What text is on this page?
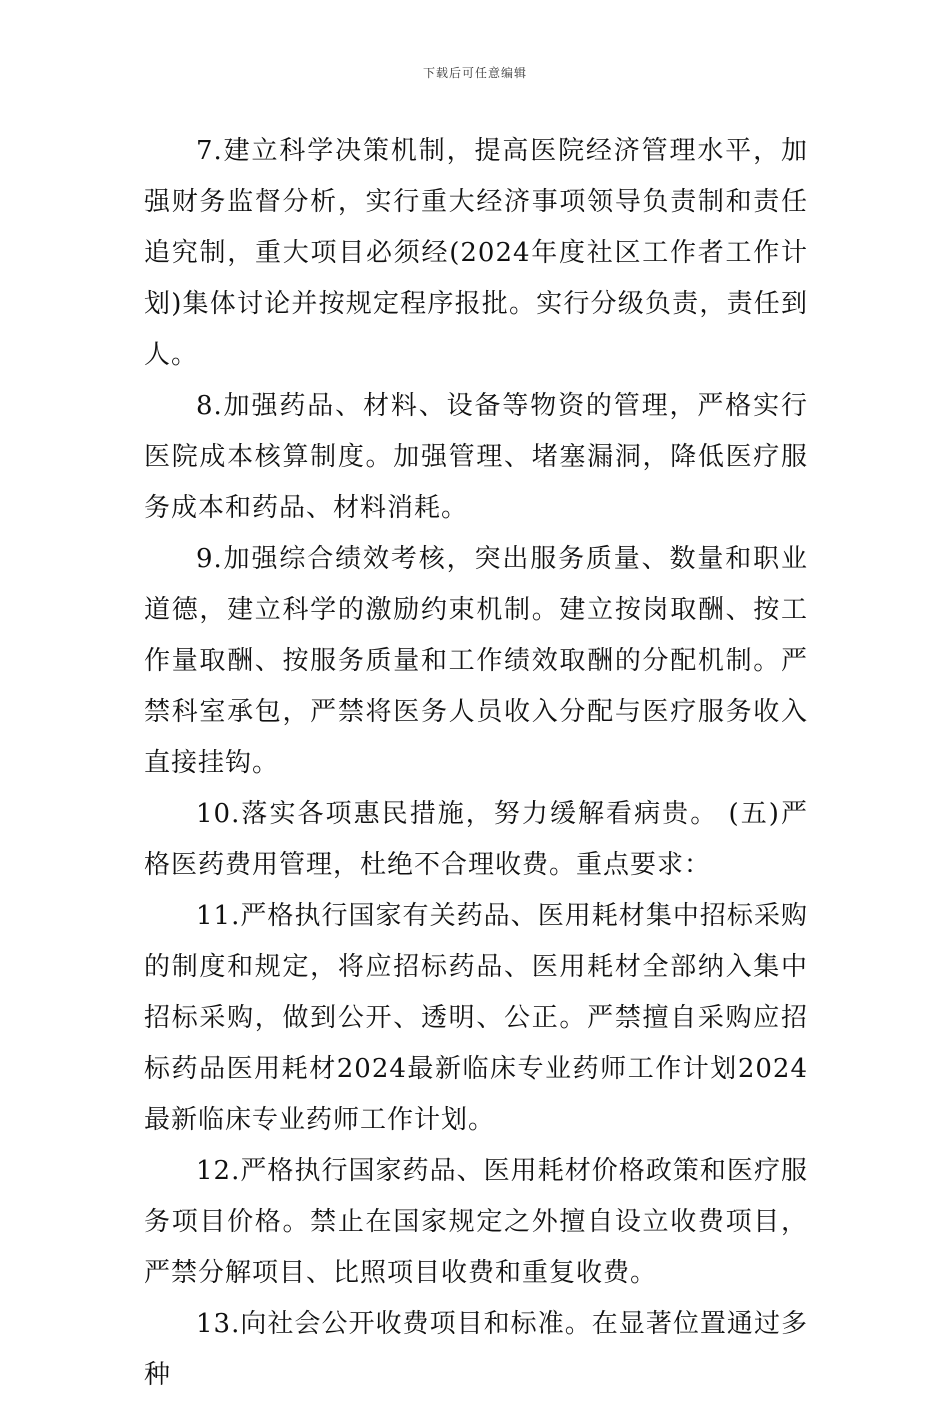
下载后可任意编辑

7.建立科学决策机制，提高医院经济管理水平，加强财务监督分析，实行重大经济事项领导负责制和责任追究制，重大项目必须经(2024年度社区工作者工作计划)集体讨论并按规定程序报批。实行分级负责，责任到人。

8.加强药品、材料、设备等物资的管理，严格实行医院成本核算制度。加强管理、堵塞漏洞，降低医疗服务成本和药品、材料消耗。

9.加强综合绩效考核，突出服务质量、数量和职业道德，建立科学的激励约束机制。建立按岗取酬、按工作量取酬、按服务质量和工作绩效取酬的分配机制。严禁科室承包，严禁将医务人员收入分配与医疗服务收入直接挂钩。

10.落实各项惠民措施，努力缓解看病贵。 (五)严格医药费用管理，杜绝不合理收费。重点要求：

11.严格执行国家有关药品、医用耗材集中招标采购的制度和规定，将应招标药品、医用耗材全部纳入集中招标采购，做到公开、透明、公正。严禁擅自采购应招标药品医用耗材2024最新临床专业药师工作计划2024最新临床专业药师工作计划。

12.严格执行国家药品、医用耗材价格政策和医疗服务项目价格。禁止在国家规定之外擅自设立收费项目，严禁分解项目、比照项目收费和重复收费。

13.向社会公开收费项目和标准。在显著位置通过多种
